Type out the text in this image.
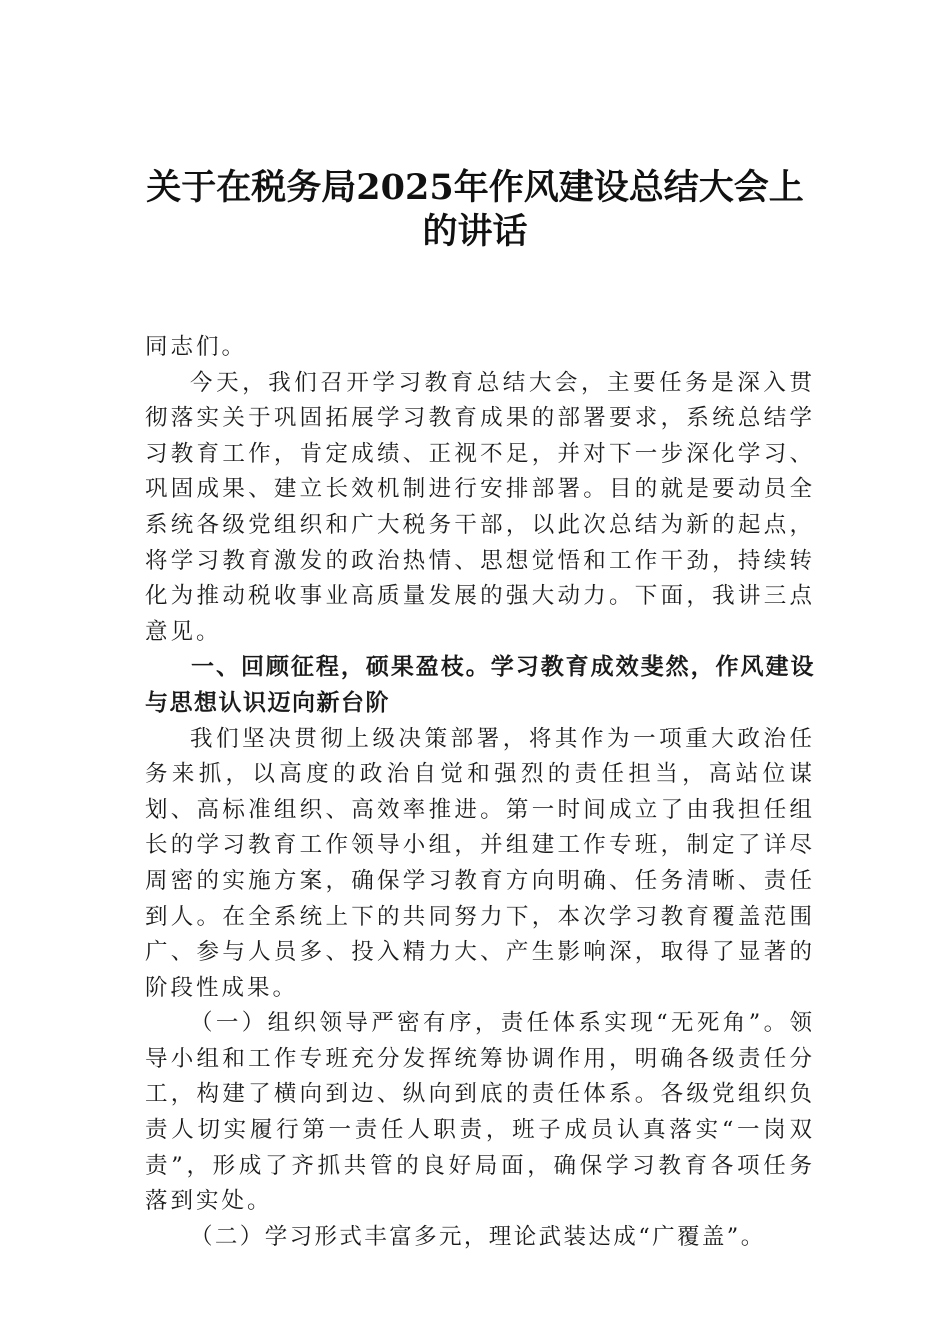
关于在税务局2025年作风建设总结大会上
的讲话

同志们。

今天，我们召开学习教育总结大会，主要任务是深入贯彻落实关于巩固拓展学习教育成果的部署要求，系统总结学习教育工作，肯定成绩、正视不足，并对下一步深化学习、巩固成果、建立长效机制进行安排部署。目的就是要动员全系统各级党组织和广大税务干部，以此次总结为新的起点，将学习教育激发的政治热情、思想觉悟和工作干劲，持续转化为推动税收事业高质量发展的强大动力。下面，我讲三点意见。

一、回顾征程，硕果盈枝。学习教育成效斐然，作风建设与思想认识迈向新台阶

我们坚决贯彻上级决策部署，将其作为一项重大政治任务来抓，以高度的政治自觉和强烈的责任担当，高站位谋划、高标准组织、高效率推进。第一时间成立了由我担任组长的学习教育工作领导小组，并组建工作专班，制定了详尽周密的实施方案，确保学习教育方向明确、任务清晰、责任到人。在全系统上下的共同努力下，本次学习教育覆盖范围广、参与人员多、投入精力大、产生影响深，取得了显著的阶段性成果。

（一）组织领导严密有序，责任体系实现“无死角”。领导小组和工作专班充分发挥统筹协调作用，明确各级责任分工，构建了横向到边、纵向到底的责任体系。各级党组织负责人切实履行第一责任人职责，班子成员认真落实“一岗双责”，形成了齐抓共管的良好局面，确保学习教育各项任务落到实处。

（二）学习形式丰富多元，理论武装达成“广覆盖”。
